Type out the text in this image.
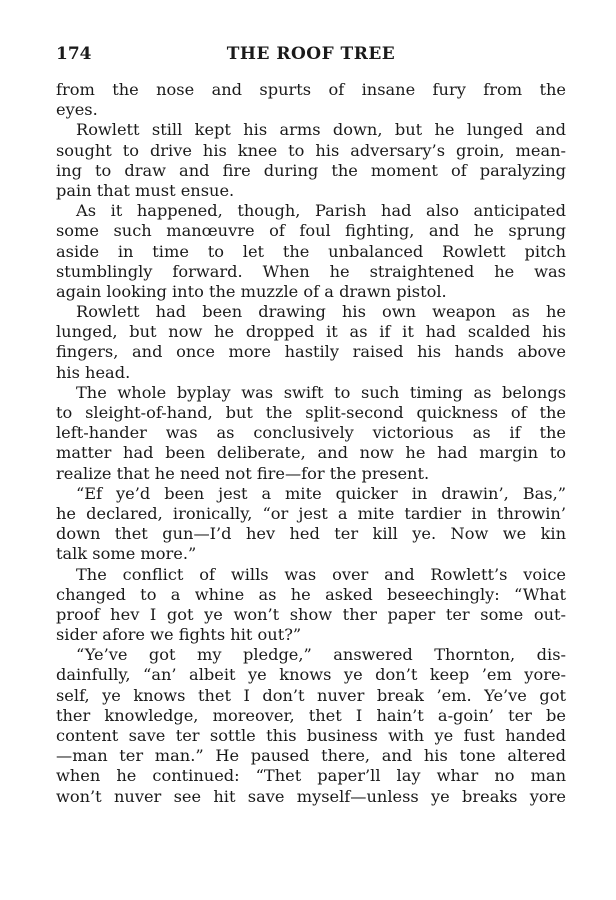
174	THE ROOF TREE
from the nose and spurts of insane fury from the
eyes.
Rowlett still kept his arms down, but he lunged and
sought to drive his knee to his adversary’s groin, mean-
ing to draw and fire during the moment of paralyzing
pain that must ensue.
As it happened, though, Parish had also anticipated
some such manœuvre of foul fighting, and he sprung
aside in time to let the unbalanced Rowlett pitch
stumblingly forward. When he straightened he was
again looking into the muzzle of a drawn pistol.
Rowlett had been drawing his own weapon as he
lunged, but now he dropped it as if it had scalded his
fingers, and once more hastily raised his hands above
his head.
The whole byplay was swift to such timing as belongs
to sleight-of-hand, but the split-second quickness of the
left-hander was as conclusively victorious as if the
matter had been deliberate, and now he had margin to
realize that he need not fire—for the present.
“Ef ye’d been jest a mite quicker in drawin’, Bas,”
he declared, ironically, “or jest a mite tardier in throwin’
down thet gun—I’d hev hed ter kill ye. Now we kin
talk some more.”
The conflict of wills was over and Rowlett’s voice
changed to a whine as he asked beseechingly: “What
proof hev I got ye won’t show ther paper ter some out-
sider afore we fights hit out?”
“Ye’ve got my pledge,” answered Thornton, dis-
dainfully, “an’ albeit ye knows ye don’t keep ’em yore-
self, ye knows thet I don’t nuver break ’em. Ye’ve got
ther knowledge, moreover, thet I hain’t a-goin’ ter be
content save ter sottle this business with ye fust handed
—man ter man.” He paused there, and his tone altered
when he continued: “Thet paper’ll lay whar no man
won’t nuver see hit save myself—unless ye breaks yore
